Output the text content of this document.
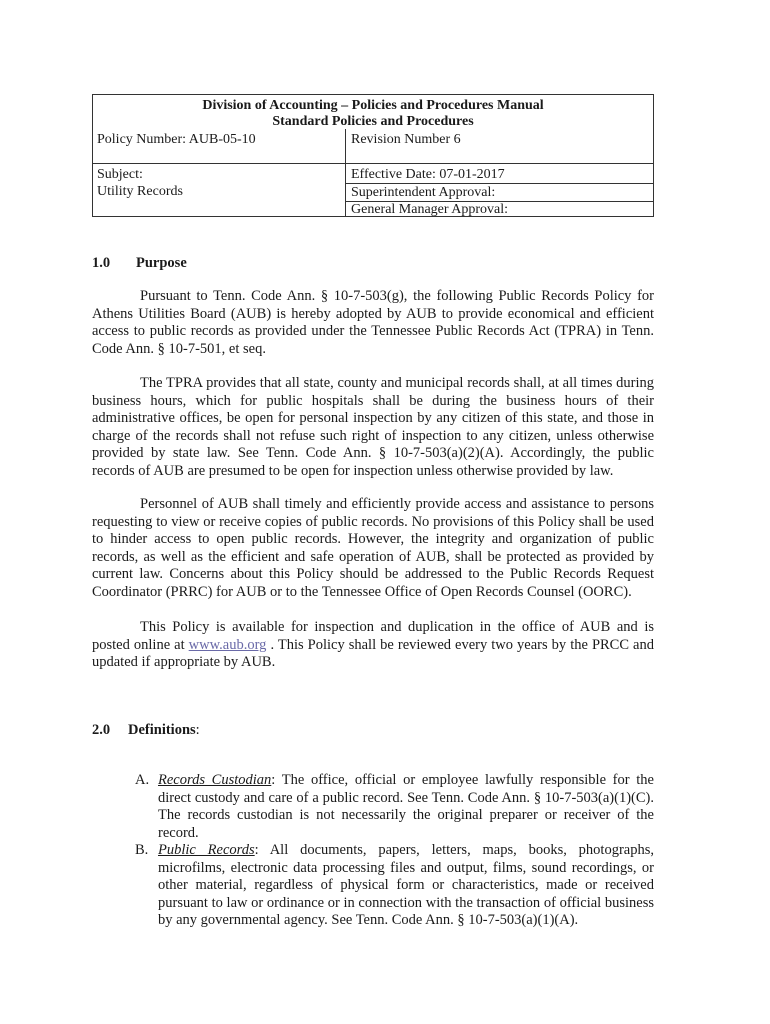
Division of Accounting – Policies and Procedures Manual
Standard Policies and Procedures
Policy Number: AUB-05-10	Revision Number 6
Subject:
Utility Records
Effective Date: 07-01-2017
Superintendent Approval:
General Manager Approval:
1.0 Purpose

Pursuant to Tenn. Code Ann. § 10-7-503(g), the following Public Records Policy for Athens Utilities Board (AUB) is hereby adopted by AUB to provide economical and efficient access to public records as provided under the Tennessee Public Records Act (TPRA) in Tenn. Code Ann. § 10-7-501, et seq.

The TPRA provides that all state, county and municipal records shall, at all times during business hours, which for public hospitals shall be during the business hours of their administrative offices, be open for personal inspection by any citizen of this state, and those in charge of the records shall not refuse such right of inspection to any citizen, unless otherwise provided by state law. See Tenn. Code Ann. § 10-7-503(a)(2)(A). Accordingly, the public records of AUB are presumed to be open for inspection unless otherwise provided by law.

Personnel of AUB shall timely and efficiently provide access and assistance to persons requesting to view or receive copies of public records. No provisions of this Policy shall be used to hinder access to open public records. However, the integrity and organization of public records, as well as the efficient and safe operation of AUB, shall be protected as provided by current law. Concerns about this Policy should be addressed to the Public Records Request Coordinator (PRRC) for AUB or to the Tennessee Office of Open Records Counsel (OORC).

This Policy is available for inspection and duplication in the office of AUB and is posted online at www.aub.org . This Policy shall be reviewed every two years by the PRCC and updated if appropriate by AUB.

2.0 Definitions:
A. Records Custodian: The office, official or employee lawfully responsible for the direct custody and care of a public record. See Tenn. Code Ann. § 10-7-503(a)(1)(C). The records custodian is not necessarily the original preparer or receiver of the record.

B. Public Records: All documents, papers, letters, maps, books, photographs, microfilms, electronic data processing files and output, films, sound recordings, or other material, regardless of physical form or characteristics, made or received pursuant to law or ordinance or in connection with the transaction of official business by any governmental agency. See Tenn. Code Ann. § 10-7-503(a)(1)(A).
